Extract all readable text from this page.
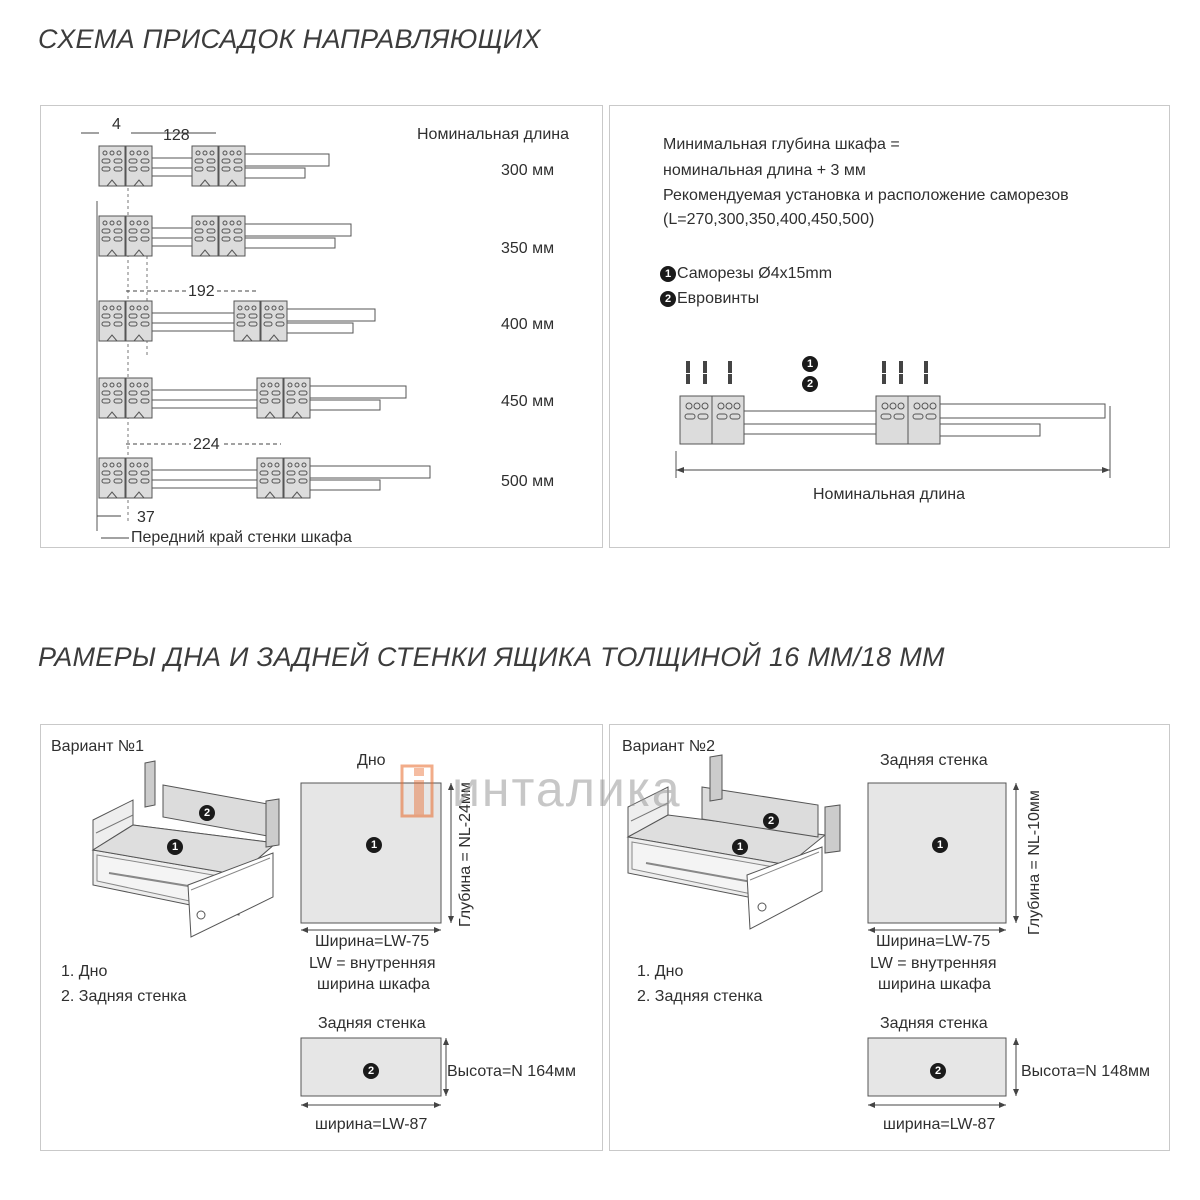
СХЕМА ПРИСАДОК НАПРАВЛЯЮЩИХ
РАМЕРЫ ДНА И ЗАДНЕЙ СТЕНКИ ЯЩИКА ТОЛЩИНОЙ 16 ММ/18 ММ
Номинальная длина
300 мм
350 мм
400 мм
450 мм
500 мм
4
128
192
224
37
Передний край стенки шкафа
Минимальная глубина шкафа =
номинальная длина + 3 мм
Рекомендуемая установка и расположение саморезов
(L=270,300,350,400,450,500)
1 Саморезы Ø4x15mm
2 Евровинты
1
2
Номинальная длина
Вариант №1
2
1
Дно
1	Глубина = NL-24мм
Ширина=LW-75
LW = внутренняя
ширина шкафа
1. Дно
2. Задняя стенка
Задняя стенка
2	Высота=N 164мм
ширина=LW-87
Вариант №2
2
1
Задняя стенка
1	Глубина = NL-10мм
Ширина=LW-75
LW = внутренняя
ширина шкафа
1. Дно
2. Задняя стенка
Задняя стенка
2	Высота=N 148мм
ширина=LW-87
инталика
